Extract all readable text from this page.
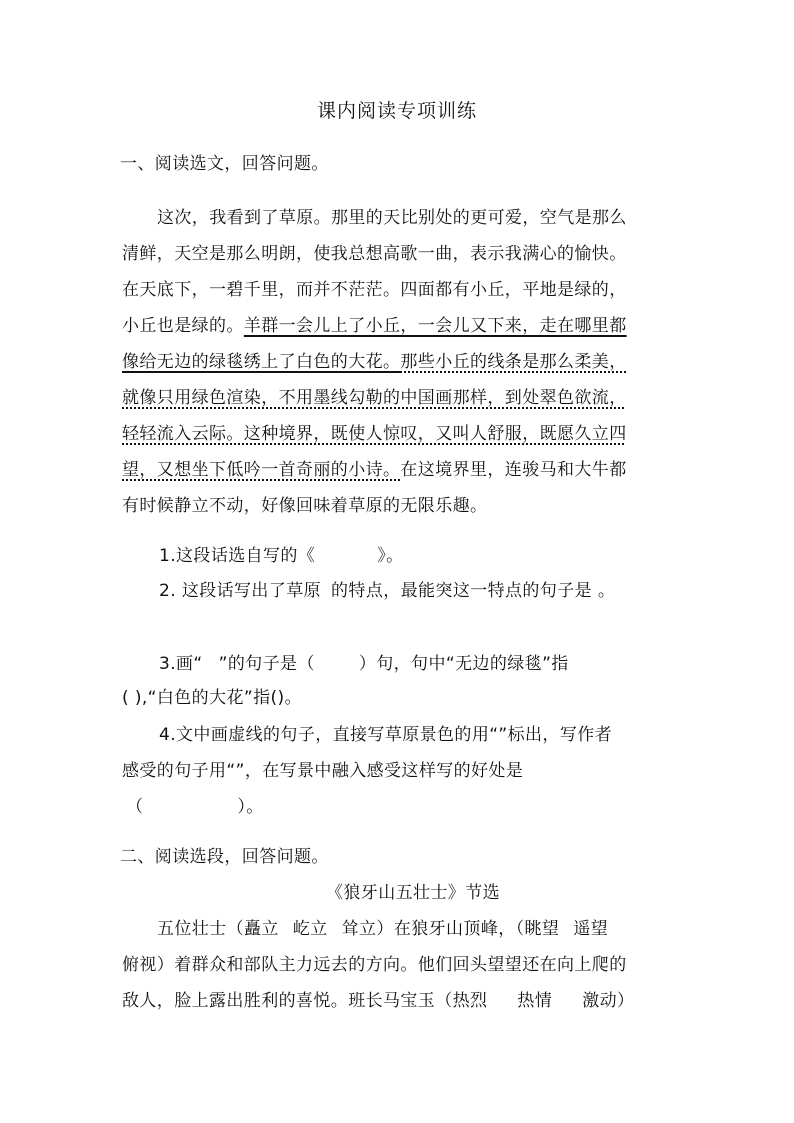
课内阅读专项训练
一、阅读选文，回答问题。
这次，我看到了草原。那里的天比别处的更可爱，空气是那么
清鲜，天空是那么明朗，使我总想高歌一曲，表示我满心的愉快。
在天底下，一碧千里，而并不茫茫。四面都有小丘，平地是绿的，
小丘也是绿的。羊群一会儿上了小丘，一会儿又下来，走在哪里都
像给无边的绿毯绣上了白色的大花。那些小丘的线条是那么柔美，
就像只用绿色渲染，不用墨线勾勒的中国画那样，到处翠色欲流，
轻轻流入云际。这种境界，既使人惊叹，又叫人舒服，既愿久立四
望，又想坐下低吟一首奇丽的小诗。在这境界里，连骏马和大牛都
有时候静立不动，好像回味着草原的无限乐趣。
1.这段话选自写的《	》。
2. 这段话写出了草原 的特点，最能突这一特点的句子是 。
3.画“ ”的句子是（	）句，句中“无边的绿毯”指
( ),“白色的大花”指()。
4.文中画虚线的句子，直接写草原景色的用“”标出，写作者
感受的句子用“”，在写景中融入感受这样写的好处是
（	）。
二、阅读选段，回答问题。
《狼牙山五壮士》节选
五位壮士（矗立 屹立 耸立）在狼牙山顶峰，（眺望 遥望
俯视）着群众和部队主力远去的方向。他们回头望望还在向上爬的
敌人，脸上露出胜利的喜悦。班长马宝玉（热烈 热情 激动）
